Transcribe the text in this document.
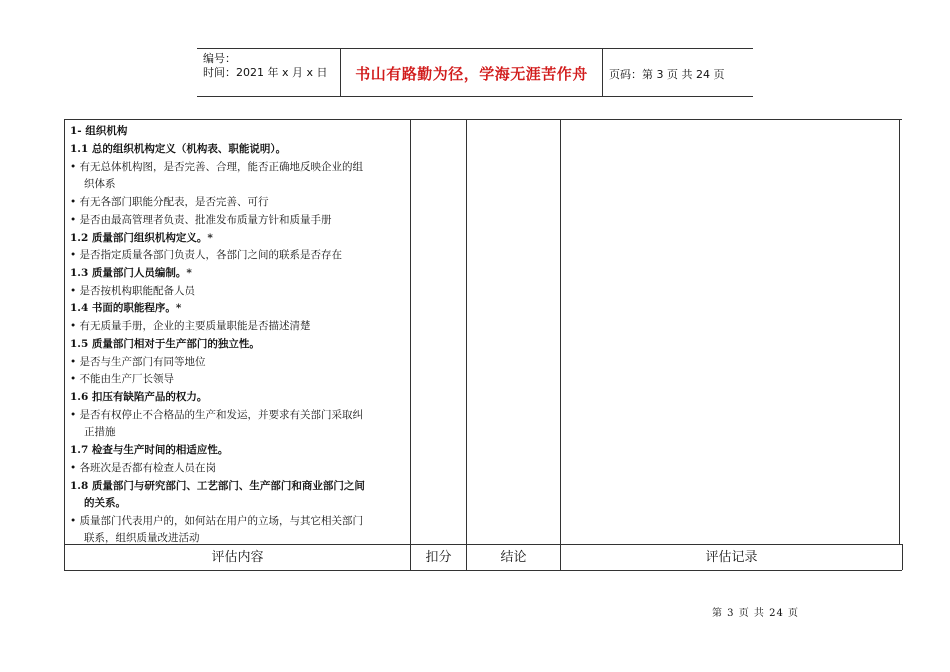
编号：
时间：2021 年 x 月 x 日	书山有路勤为径，学海无涯苦作舟	页码：第 3 页 共 24 页
1- 组织机构
1.1 总的组织机构定义（机构表、职能说明）。
• 有无总体机构图，是否完善、合理，能否正确地反映企业的组
织体系
• 有无各部门职能分配表，是否完善、可行
• 是否由最高管理者负责、批准发布质量方针和质量手册
1.2 质量部门组织机构定义。*
• 是否指定质量各部门负责人，各部门之间的联系是否存在
1.3 质量部门人员编制。*
• 是否按机构职能配备人员
1.4 书面的职能程序。*
• 有无质量手册，企业的主要质量职能是否描述清楚
1.5 质量部门相对于生产部门的独立性。
• 是否与生产部门有同等地位
• 不能由生产厂长领导
1.6 扣压有缺陷产品的权力。
• 是否有权停止不合格品的生产和发运，并要求有关部门采取纠
正措施
1.7 检查与生产时间的相适应性。
• 各班次是否都有检查人员在岗
1.8 质量部门与研究部门、工艺部门、生产部门和商业部门之间
的关系。
• 质量部门代表用户的，如何站在用户的立场，与其它相关部门
联系，组织质量改进活动
评估内容	扣分	结论	评估记录
第 3 页 共 24 页
